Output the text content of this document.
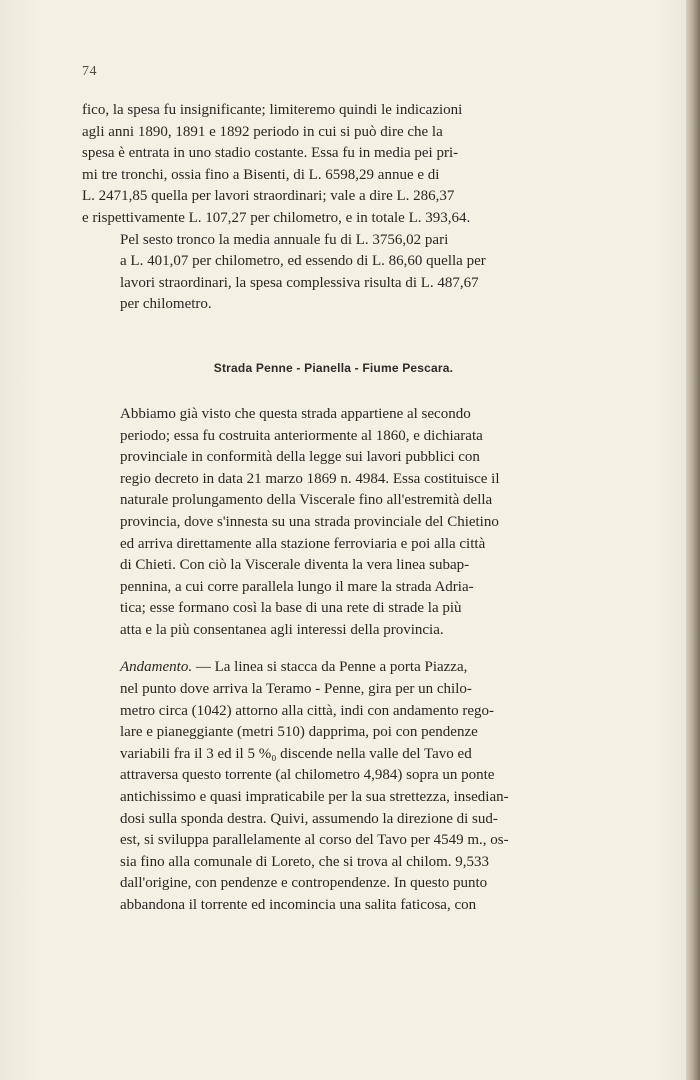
74

fico, la spesa fu insignificante; limiteremo quindi le indicazioni
agli anni 1890, 1891 e 1892 periodo in cui si può dire che la
spesa è entrata in uno stadio costante. Essa fu in media pei pri-
mi tre tronchi, ossia fino a Bisenti, di L. 6598,29 annue e di
L. 2471,85 quella per lavori straordinari; vale a dire L. 286,37
e rispettivamente L. 107,27 per chilometro, e in totale L. 393,64.

Pel sesto tronco la media annuale fu di L. 3756,02 pari
a L. 401,07 per chilometro, ed essendo di L. 86,60 quella per
lavori straordinari, la spesa complessiva risulta di L. 487,67
per chilometro.

Strada Penne - Pianella - Fiume Pescara.

Abbiamo già visto che questa strada appartiene al secondo
periodo; essa fu costruita anteriormente al 1860, e dichiarata
provinciale in conformità della legge sui lavori pubblici con
regio decreto in data 21 marzo 1869 n. 4984. Essa costituisce il
naturale prolungamento della Viscerale fino all'estremità della
provincia, dove s'innesta su una strada provinciale del Chietino
ed arriva direttamente alla stazione ferroviaria e poi alla città
di Chieti. Con ciò la Viscerale diventa la vera linea subap-
pennina, a cui corre parallela lungo il mare la strada Adria-
tica; esse formano così la base di una rete di strade la più
atta e la più consentanea agli interessi della provincia.

Andamento. — La linea si stacca da Penne a porta Piazza,
nel punto dove arriva la Teramo - Penne, gira per un chilo-
metro circa (1042) attorno alla città, indi con andamento rego-
lare e pianeggiante (metri 510) dapprima, poi con pendenze
variabili fra il 3 ed il 5 %₀ discende nella valle del Tavo ed
attraversa questo torrente (al chilometro 4,984) sopra un ponte
antichissimo e quasi impraticabile per la sua strettezza, insedian-
dosi sulla sponda destra. Quivi, assumendo la direzione di sud-
est, si sviluppa parallelamente al corso del Tavo per 4549 m., os-
sia fino alla comunale di Loreto, che si trova al chilom. 9,533
dall'origine, con pendenze e contropendenze. In questo punto
abbandona il torrente ed incomincia una salita faticosa, con
